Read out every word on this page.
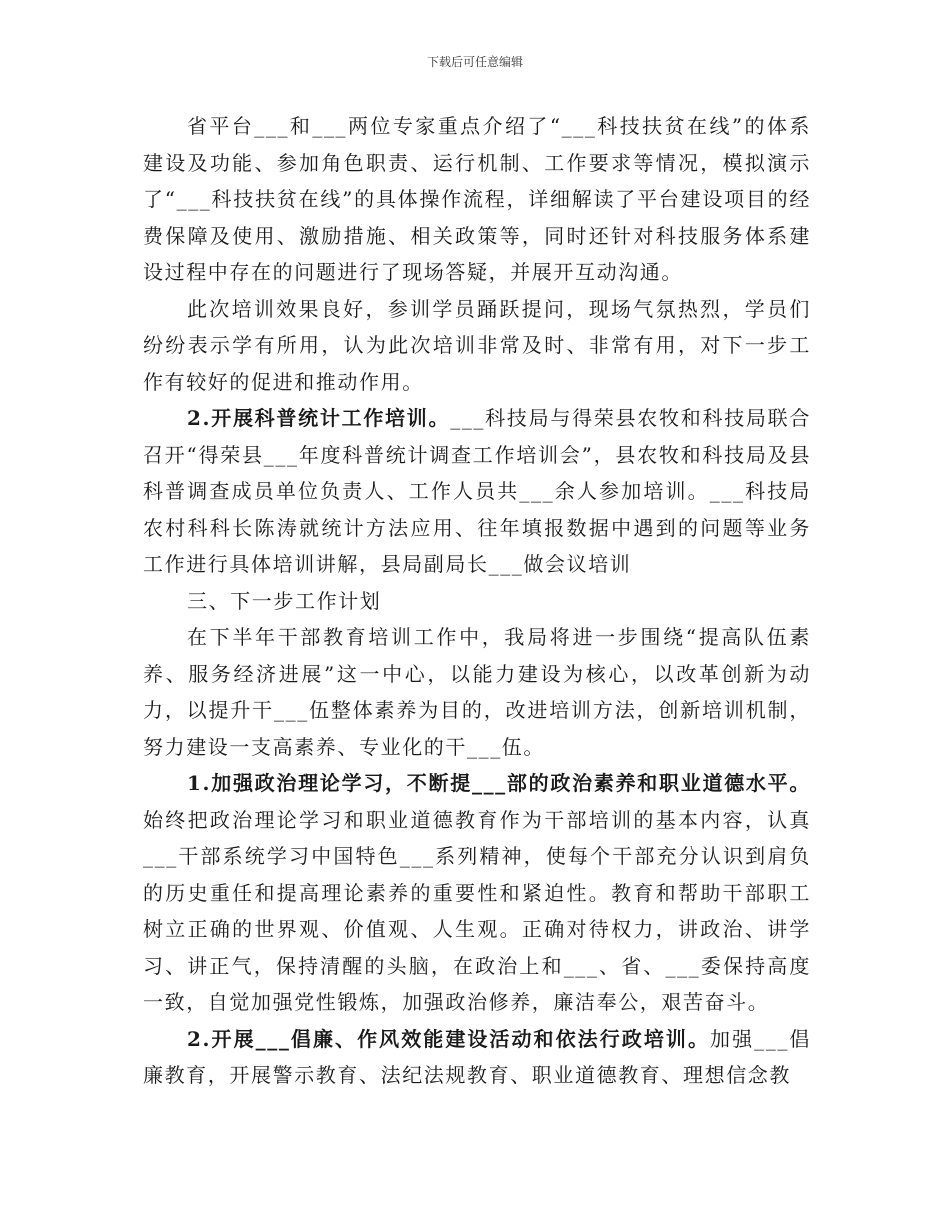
下载后可任意编辑

省平台___和___两位专家重点介绍了“___科技扶贫在线”的体系建设及功能、参加角色职责、运行机制、工作要求等情况，模拟演示了“___科技扶贫在线”的具体操作流程，详细解读了平台建设项目的经费保障及使用、激励措施、相关政策等，同时还针对科技服务体系建设过程中存在的问题进行了现场答疑，并展开互动沟通。

此次培训效果良好，参训学员踊跃提问，现场气氛热烈，学员们纷纷表示学有所用，认为此次培训非常及时、非常有用，对下一步工作有较好的促进和推动作用。

2.开展科普统计工作培训。___科技局与得荣县农牧和科技局联合召开“得荣县___年度科普统计调查工作培训会”，县农牧和科技局及县科普调查成员单位负责人、工作人员共___余人参加培训。___科技局农村科科长陈涛就统计方法应用、往年填报数据中遇到的问题等业务工作进行具体培训讲解，县局副局长___做会议培训

三、下一步工作计划

在下半年干部教育培训工作中，我局将进一步围绕“提高队伍素养、服务经济进展”这一中心，以能力建设为核心，以改革创新为动力，以提升干___伍整体素养为目的，改进培训方法，创新培训机制，努力建设一支高素养、专业化的干___伍。

1.加强政治理论学习，不断提___部的政治素养和职业道德水平。始终把政治理论学习和职业道德教育作为干部培训的基本内容，认真___干部系统学习中国特色___系列精神，使每个干部充分认识到肩负的历史重任和提高理论素养的重要性和紧迫性。教育和帮助干部职工树立正确的世界观、价值观、人生观。正确对待权力，讲政治、讲学习、讲正气，保持清醒的头脑，在政治上和___、省、___委保持高度一致，自觉加强党性锻炼，加强政治修养，廉洁奉公，艰苦奋斗。

2.开展___倡廉、作风效能建设活动和依法行政培训。加强___倡廉教育，开展警示教育、法纪法规教育、职业道德教育、理想信念教
